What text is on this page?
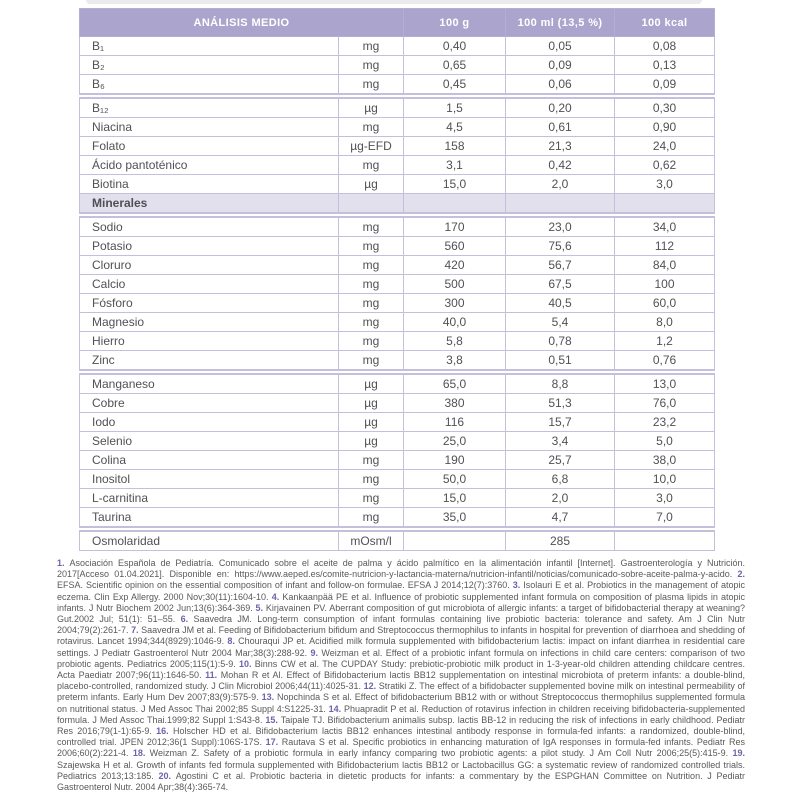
ANÁLISIS MEDIO		100 g	100 ml (13,5 %)	100 kcal
B₁	mg	0,40	0,05	0,08
B₂	mg	0,65	0,09	0,13
B₆	mg	0,45	0,06	0,09
B₁₂	µg	1,5	0,20	0,30
Niacina	mg	4,5	0,61	0,90
Folato	µg-EFD	158	21,3	24,0
Ácido pantoténico	mg	3,1	0,42	0,62
Biotina	µg	15,0	2,0	3,0
Minerales				
Sodio	mg	170	23,0	34,0
Potasio	mg	560	75,6	112
Cloruro	mg	420	56,7	84,0
Calcio	mg	500	67,5	100
Fósforo	mg	300	40,5	60,0
Magnesio	mg	40,0	5,4	8,0
Hierro	mg	5,8	0,78	1,2
Zinc	mg	3,8	0,51	0,76
Manganeso	µg	65,0	8,8	13,0
Cobre	µg	380	51,3	76,0
Iodo	µg	116	15,7	23,2
Selenio	µg	25,0	3,4	5,0
Colina	mg	190	25,7	38,0
Inositol	mg	50,0	6,8	10,0
L-carnitina	mg	15,0	2,0	3,0
Taurina	mg	35,0	4,7	7,0
Osmolaridad	mOsm/l		285	

1. Asociación Española de Pediatría. Comunicado sobre el aceite de palma y ácido palmítico en la alimentación infantil [Internet]. Gastroenterología y Nutrición. 2017[Acceso 01.04.2021]. Disponible en: https://www.aeped.es/comite-nutricion-y-lactancia-materna/nutricion-infantil/noticias/comunicado-sobre-aceite-palma-y-acido. 2. EFSA. Scientific opinion on the essential composition of infant and follow-on formulae. EFSA J 2014;12(7):3760. 3. Isolauri E et al. Probiotics in the management of atopic eczema. Clin Exp Allergy. 2000 Nov;30(11):1604-10. 4. Kankaanpää PE et al. Influence of probiotic supplemented infant formula on composition of plasma lipids in atopic infants. J Nutr Biochem 2002 Jun;13(6):364-369. 5. Kirjavainen PV. Aberrant composition of gut microbiota of allergic infants: a target of bifidobacterial therapy at weaning? Gut.2002 Jul; 51(1): 51–55. 6. Saavedra JM. Long-term consumption of infant formulas containing live probiotic bacteria: tolerance and safety. Am J Clin Nutr 2004;79(2):261-7. 7. Saavedra JM et al. Feeding of Bifidobacterium bifidum and Streptococcus thermophilus to infants in hospital for prevention of diarrhoea and shedding of rotavirus. Lancet 1994;344(8929):1046-9. 8. Chouraqui JP et. Acidified milk formula supplemented with bifidobacterium lactis: impact on infant diarrhea in residential care settings. J Pediatr Gastroenterol Nutr 2004 Mar;38(3):288-92. 9. Weizman et al. Effect of a probiotic infant formula on infections in child care centers: comparison of two probiotic agents. Pediatrics 2005;115(1):5-9. 10. Binns CW et al. The CUPDAY Study: prebiotic-probiotic milk product in 1-3-year-old children attending childcare centres. Acta Paediatr 2007;96(11):1646-50. 11. Mohan R et Al. Effect of Bifidobacterium lactis BB12 supplementation on intestinal microbiota of preterm infants: a double-blind, placebo-controlled, randomized study. J Clin Microbiol 2006;44(11):4025-31. 12. Stratiki Z. The effect of a bifidobacter supplemented bovine milk on intestinal permeability of preterm infants. Early Hum Dev 2007;83(9):575-9. 13. Nopchinda S et al. Effect of bifidobacterium BB12 with or without Streptococcus thermophilus supplemented formula on nutritional status. J Med Assoc Thai 2002;85 Suppl 4:S1225-31. 14. Phuapradit P et al. Reduction of rotavirus infection in children receiving bifidobacteria-supplemented formula. J Med Assoc Thai.1999;82 Suppl 1:S43-8. 15. Taipale TJ. Bifidobacterium animalis subsp. lactis BB-12 in reducing the risk of infections in early childhood. Pediatr Res 2016;79(1-1):65-9. 16. Holscher HD et al. Bifidobacterium lactis BB12 enhances intestinal antibody response in formula-fed infants: a randomized, double-blind, controlled trial. JPEN 2012;36(1 Suppl):106S-17S. 17. Rautava S et al. Specific probiotics in enhancing maturation of IgA responses in formula-fed infants. Pediatr Res 2006;60(2):221-4. 18. Weizman Z. Safety of a probiotic formula in early infancy comparing two probiotic agents: a pilot study. J Am Coll Nutr 2006;25(5):415-9. 19. Szajewska H et al. Growth of infants fed formula supplemented with Bifidobacterium lactis BB12 or Lactobacillus GG: a systematic review of randomized controlled trials. Pediatrics 2013;13:185. 20. Agostini C et al. Probiotic bacteria in dietetic products for infants: a commentary by the ESPGHAN Committee on Nutrition. J Pediatr Gastroenterol Nutr. 2004 Apr;38(4):365-74.
